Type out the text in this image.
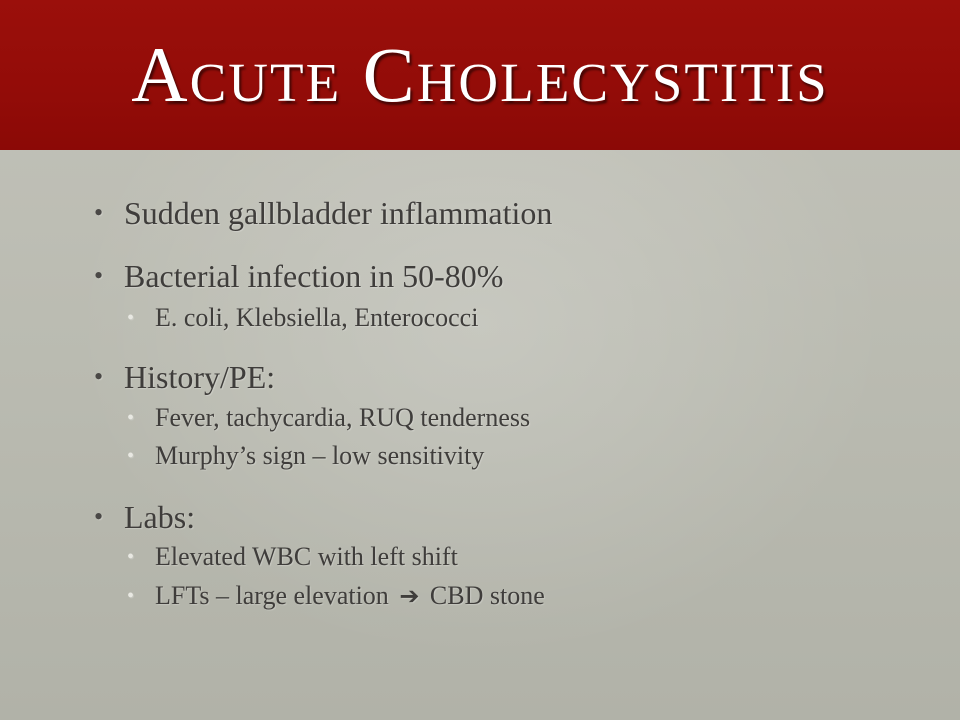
Acute Cholecystitis
• Sudden gallbladder inflammation
• Bacterial infection in 50-80%
• E. coli, Klebsiella, Enterococci
• History/PE:
• Fever, tachycardia, RUQ tenderness
• Murphy’s sign – low sensitivity
• Labs:
• Elevated WBC with left shift
• LFTs – large elevation ➔ CBD stone
